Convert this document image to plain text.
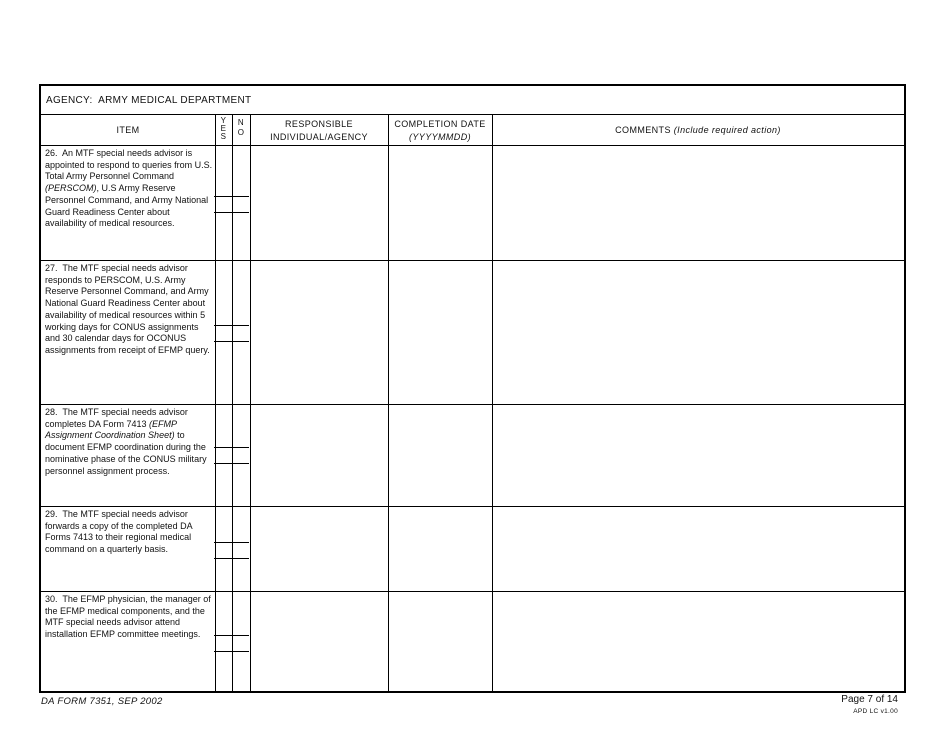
AGENCY: ARMY MEDICAL DEPARTMENT
ITEM
Y
E
S
N
O
RESPONSIBLE
INDIVIDUAL/AGENCY
COMPLETION DATE
(YYYYMMDD)
COMMENTS (Include required action)
26. An MTF special needs advisor is appointed to respond to queries from U.S. Total Army Personnel Command (PERSCOM), U.S Army Reserve Personnel Command, and Army National Guard Readiness Center about availability of medical resources.
27. The MTF special needs advisor responds to PERSCOM, U.S. Army Reserve Personnel Command, and Army National Guard Readiness Center about availability of medical resources within 5 working days for CONUS assignments and 30 calendar days for OCONUS assignments from receipt of EFMP query.
28. The MTF special needs advisor completes DA Form 7413 (EFMP Assignment Coordination Sheet) to document EFMP coordination during the nominative phase of the CONUS military personnel assignment process.
29. The MTF special needs advisor forwards a copy of the completed DA Forms 7413 to their regional medical command on a quarterly basis.
30. The EFMP physician, the manager of the EFMP medical components, and the MTF special needs advisor attend installation EFMP committee meetings.
DA FORM 7351, SEP 2002	Page 7 of 14
APD LC v1.00
